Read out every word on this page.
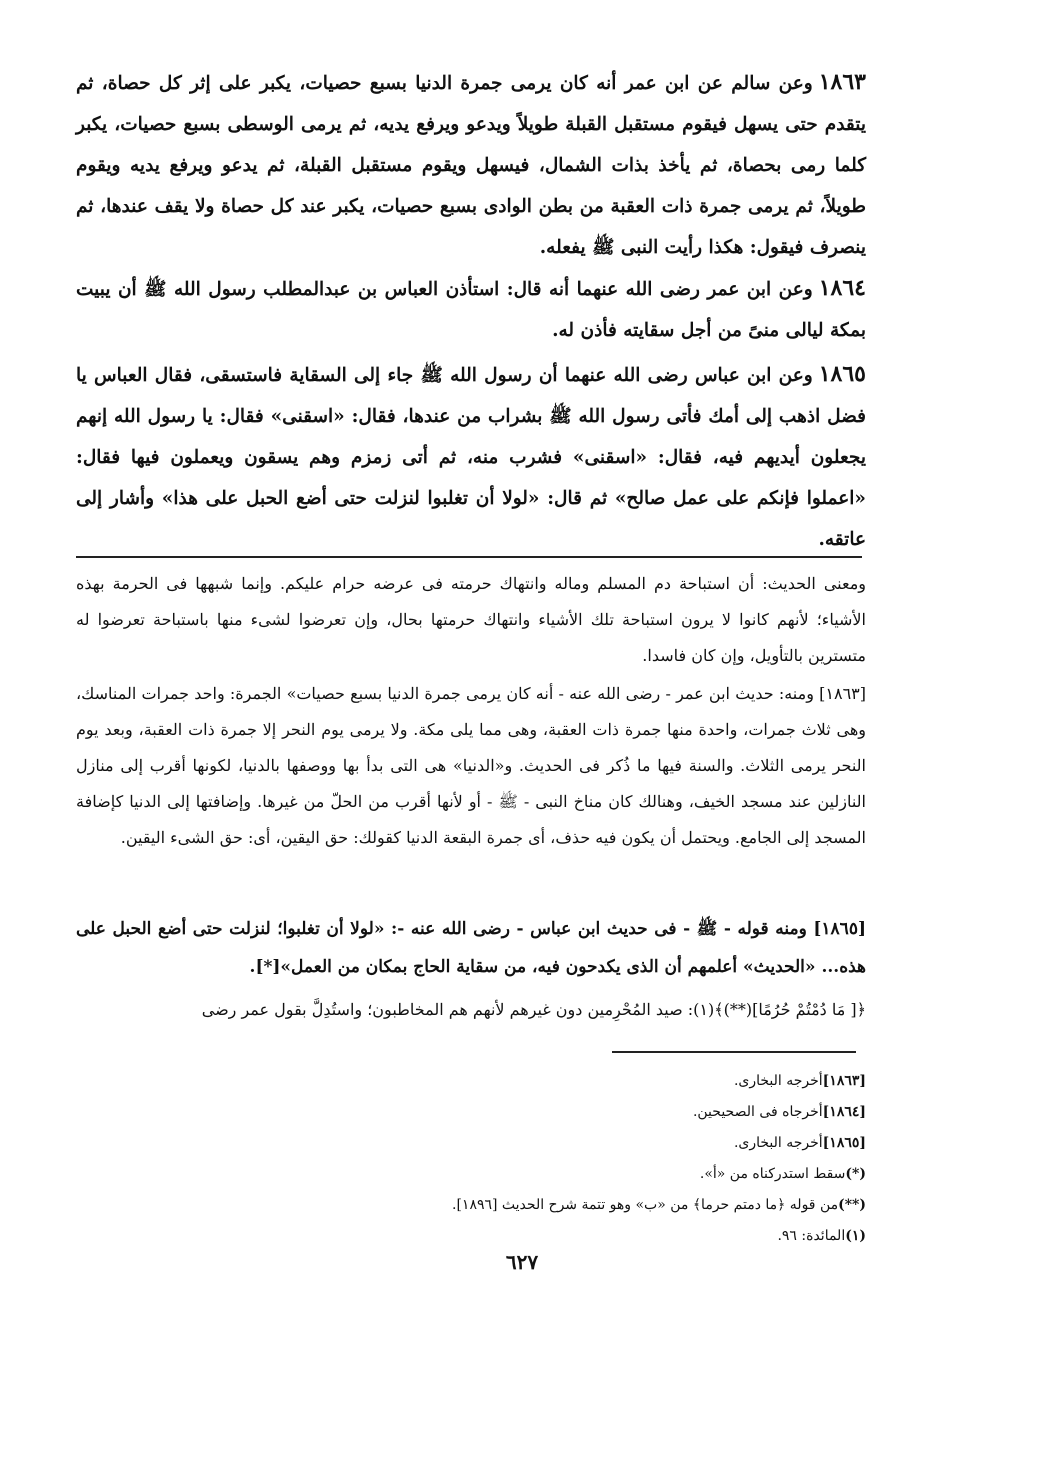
١٨٦٣وعن سالم عن ابن عمر أنه كان يرمى جمرة الدنيا بسبع حصيات، يكبر على إثر كل حصاة، ثم يتقدم حتى يسهل فيقوم مستقبل القبلة طويلاً ويدعو ويرفع يديه، ثم يرمى الوسطى بسبع حصيات، يكبر كلما رمى بحصاة، ثم يأخذ بذات الشمال، فيسهل ويقوم مستقبل القبلة، ثم يدعو ويرفع يديه ويقوم طويلاً، ثم يرمى جمرة ذات العقبة من بطن الوادى بسبع حصيات، يكبر عند كل حصاة ولا يقف عندها، ثم ينصرف فيقول: هكذا رأيت النبى ﷺ يفعله.

١٨٦٤وعن ابن عمر رضى الله عنهما أنه قال: استأذن العباس بن عبدالمطلب رسول الله ﷺ أن يبيت بمكة ليالى منىً من أجل سقايته فأذن له.

١٨٦٥وعن ابن عباس رضى الله عنهما أن رسول الله ﷺ جاء إلى السقاية فاستسقى، فقال العباس يا فضل اذهب إلى أمك فأتى رسول الله ﷺ بشراب من عندها، فقال: «اسقنى» فقال: يا رسول الله إنهم يجعلون أيديهم فيه، فقال: «اسقنى» فشرب منه، ثم أتى زمزم وهم يسقون ويعملون فيها فقال: «اعملوا فإنكم على عمل صالح» ثم قال: «لولا أن تغلبوا لنزلت حتى أضع الحبل على هذا» وأشار إلى عاتقه.

ومعنى الحديث: أن استباحة دم المسلم وماله وانتهاك حرمته فى عرضه حرام عليكم. وإنما شبهها فى الحرمة بهذه الأشياء؛ لأنهم كانوا لا يرون استباحة تلك الأشياء وانتهاك حرمتها بحال، وإن تعرضوا لشىء منها باستباحة تعرضوا له متسترين بالتأويل، وإن كان فاسدا.

[١٨٦٣] ومنه: حديث ابن عمر - رضى الله عنه - أنه كان يرمى جمرة الدنيا بسبع حصيات» الجمرة: واحد جمرات المناسك، وهى ثلاث جمرات، واحدة منها جمرة ذات العقبة، وهى مما يلى مكة. ولا يرمى يوم النحر إلا جمرة ذات العقبة، وبعد يوم النحر يرمى الثلاث. والسنة فيها ما ذُكر فى الحديث. و«الدنيا» هى التى بدأ بها ووصفها بالدنيا، لكونها أقرب إلى منازل النازلين عند مسجد الخيف، وهنالك كان مناخ النبى - ﷺ - أو لأنها أقرب من الحلّ من غيرها. وإضافتها إلى الدنيا كإضافة المسجد إلى الجامع. ويحتمل أن يكون فيه حذف، أى جمرة البقعة الدنيا كقولك: حق اليقين، أى: حق الشىء اليقين.

[١٨٦٥] ومنه قوله - ﷺ - فى حديث ابن عباس - رضى الله عنه -: «لولا أن تغلبوا؛ لنزلت حتى أضع الحبل على هذه... «الحديث» أعلمهم أن الذى يكدحون فيه، من سقاية الحاج بمكان من العمل»[*].

﴿[ مَا دُمْتُمْ حُرُمًا](**)﴾(١): صيد المُحْرِمين دون غيرهم لأنهم هم المخاطبون؛ واستُدِلَّ بقول عمر رضى

[١٨٦٣]أخرجه البخارى.
[١٨٦٤]أخرجاه فى الصحيحين.
[١٨٦٥]أخرجه البخارى.
(*)سقط استدركناه من «أ».
(**)من قوله ﴿ما دمتم حرما﴾ من «ب» وهو تتمة شرح الحديث [١٨٩٦].
(١)المائدة: ٩٦.
٦٢٧
